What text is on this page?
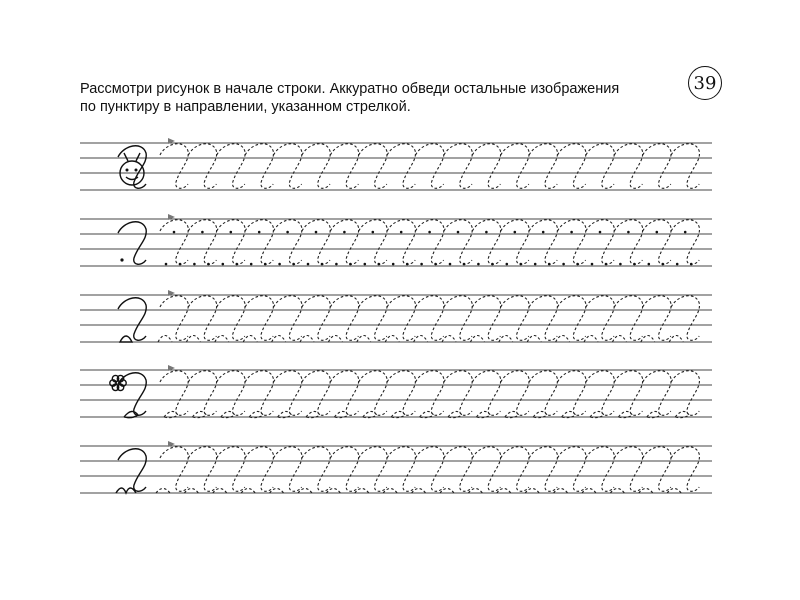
Рассмотри рисунок в начале строки. Аккуратно обведи остальные изображения
по пунктиру в направлении, указанном стрелкой.
39
